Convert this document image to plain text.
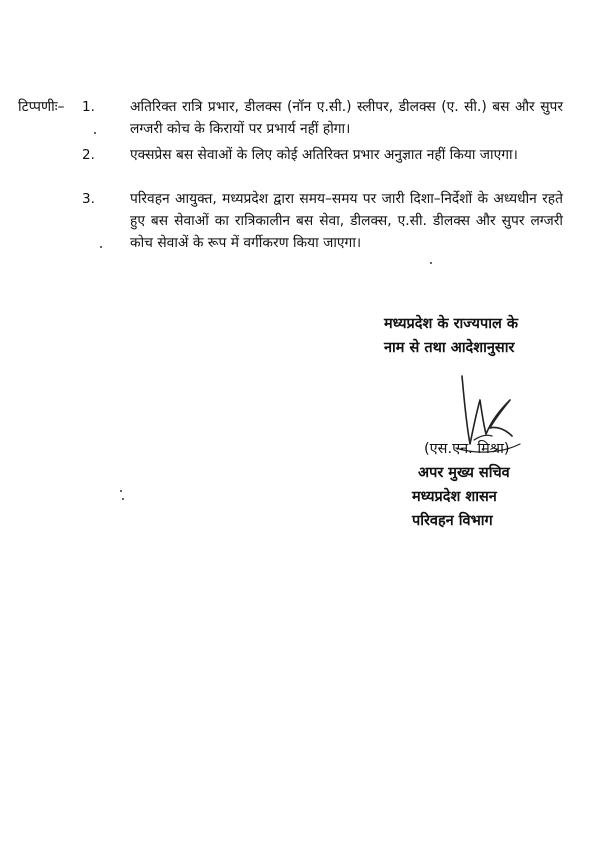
टिप्पणीः– 1.	अतिरिक्त रात्रि प्रभार, डीलक्स (नॉन ए.सी.) स्लीपर, डीलक्स (ए. सी.) बस और सुपर लग्जरी कोच के किरायों पर प्रभार्य नहीं होगा।
2.	एक्सप्रेस बस सेवाओं के लिए कोई अतिरिक्त प्रभार अनुज्ञात नहीं किया जाएगा।
3.	परिवहन आयुक्त, मध्यप्रदेश द्वारा समय–समय पर जारी दिशा–निर्देशों के अध्यधीन रहते हुए बस सेवाओं का रात्रिकालीन बस सेवा, डीलक्स, ए.सी. डीलक्स और सुपर लग्जरी कोच सेवाअें के रूप में वर्गीकरण किया जाएगा।
मध्यप्रदेश के राज्यपाल के
नाम से तथा आदेशानुसार
(एस.एन. मिश्रा)
अपर मुख्य सचिव
मध्यप्रदेश शासन
परिवहन विभाग
